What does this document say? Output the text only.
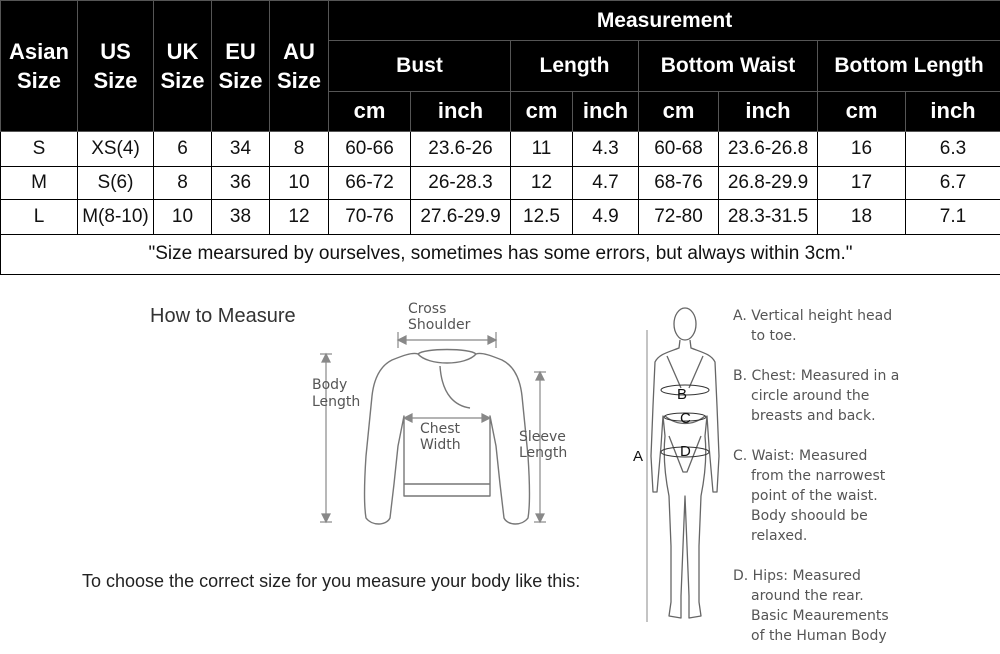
Asian
Size	US
Size	UK
Size	EU
Size	AU
Size	Measurement							
					Bust		Length		Bottom Waist		Bottom Length	
					cm	inch	cm	inch	cm	inch	cm	inch
S	XS(4)	6	34	8	60-66	23.6-26	11	4.3	60-68	23.6-26.8	16	6.3
M	S(6)	8	36	10	66-72	26-28.3	12	4.7	68-76	26.8-29.9	17	6.7
L	M(8-10)	10	38	12	70-76	27.6-29.9	12.5	4.9	72-80	28.3-31.5	18	7.1
"Size mearsured by ourselves, sometimes has some errors, but always within 3cm."												
How to Measure	Cross
Shoulder
Body
Length
Chest
Width	Sleeve
Length
To choose the correct size for you measure your body like this:
B
C
D
A
A. Vertical height head
to toe.
B. Chest: Measured in a
circle around the
breasts and back.
C. Waist: Measured
from the narrowest
point of the waist.
Body shoould be
relaxed.
D. Hips: Measured
around the rear.
Basic Meaurements
of the Human Body
